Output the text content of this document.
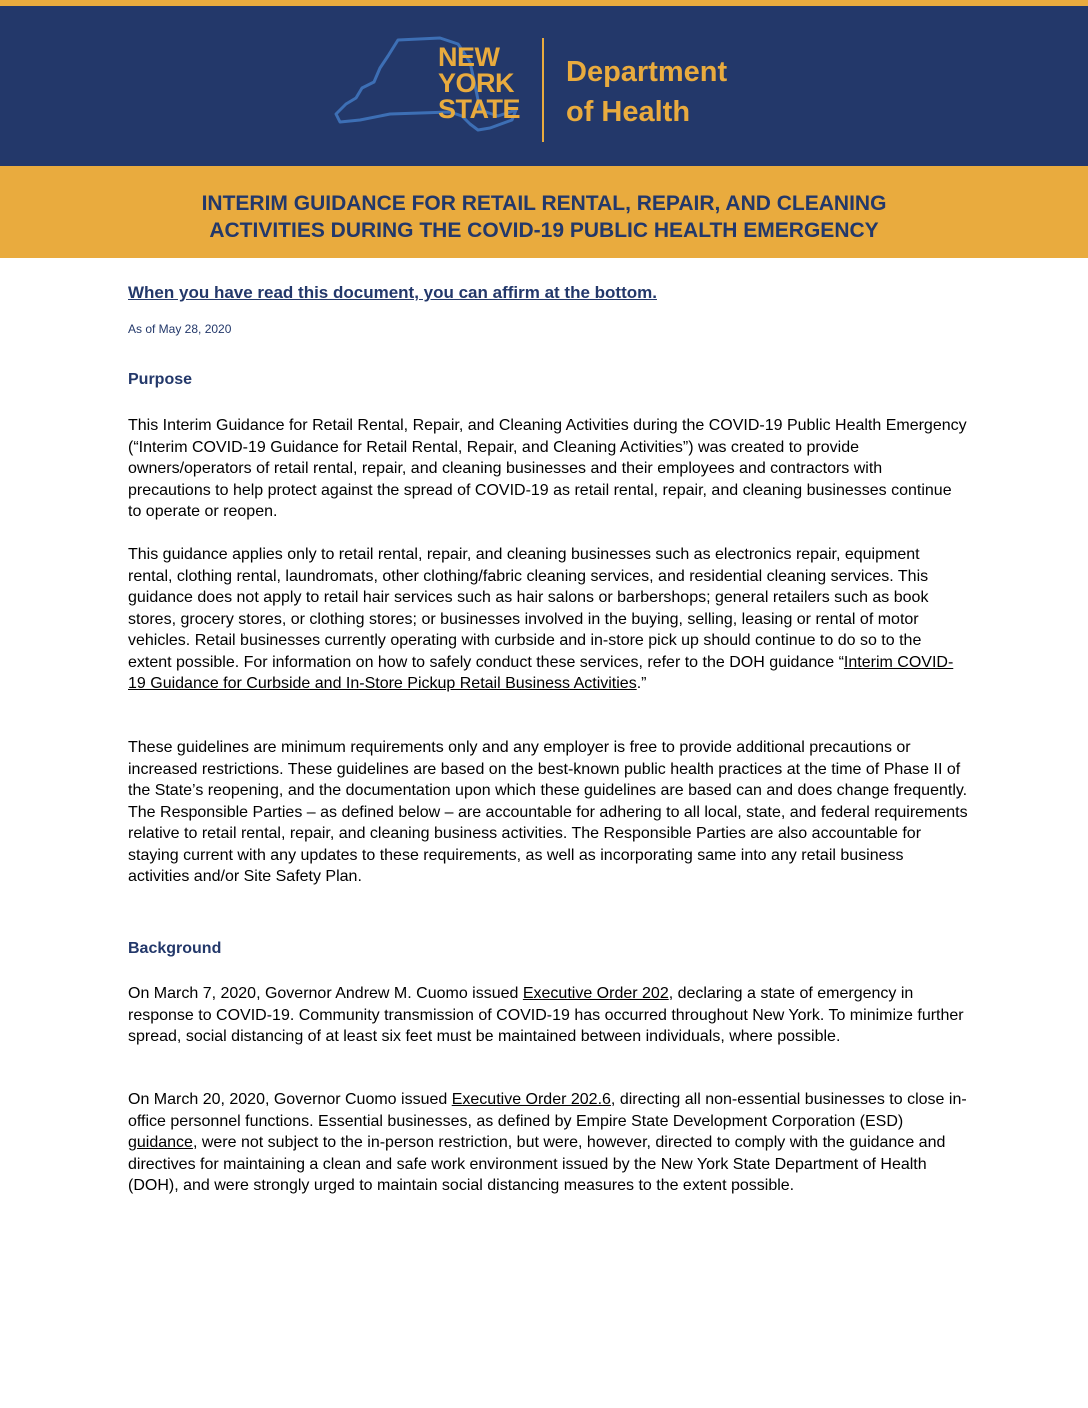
NEW
YORK
STATE
Department
of Health
INTERIM GUIDANCE FOR RETAIL RENTAL, REPAIR, AND CLEANING
ACTIVITIES DURING THE COVID-19 PUBLIC HEALTH EMERGENCY

When you have read this document, you can affirm at the bottom.

As of May 28, 2020

Purpose

This Interim Guidance for Retail Rental, Repair, and Cleaning Activities during the COVID-19 Public Health Emergency (“Interim COVID-19 Guidance for Retail Rental, Repair, and Cleaning Activities”) was created to provide owners/operators of retail rental, repair, and cleaning businesses and their employees and contractors with precautions to help protect against the spread of COVID-19 as retail rental, repair, and cleaning businesses continue to operate or reopen.

This guidance applies only to retail rental, repair, and cleaning businesses such as electronics repair, equipment rental, clothing rental, laundromats, other clothing/fabric cleaning services, and residential cleaning services. This guidance does not apply to retail hair services such as hair salons or barbershops; general retailers such as book stores, grocery stores, or clothing stores; or businesses involved in the buying, selling, leasing or rental of motor vehicles. Retail businesses currently operating with curbside and in-store pick up should continue to do so to the extent possible. For information on how to safely conduct these services, refer to the DOH guidance “Interim COVID-19 Guidance for Curbside and In-Store Pickup Retail Business Activities.”

These guidelines are minimum requirements only and any employer is free to provide additional precautions or increased restrictions. These guidelines are based on the best-known public health practices at the time of Phase II of the State’s reopening, and the documentation upon which these guidelines are based can and does change frequently. The Responsible Parties – as defined below – are accountable for adhering to all local, state, and federal requirements relative to retail rental, repair, and cleaning business activities. The Responsible Parties are also accountable for staying current with any updates to these requirements, as well as incorporating same into any retail business activities and/or Site Safety Plan.

Background

On March 7, 2020, Governor Andrew M. Cuomo issued Executive Order 202, declaring a state of emergency in response to COVID-19. Community transmission of COVID-19 has occurred throughout New York. To minimize further spread, social distancing of at least six feet must be maintained between individuals, where possible.

On March 20, 2020, Governor Cuomo issued Executive Order 202.6, directing all non-essential businesses to close in-office personnel functions. Essential businesses, as defined by Empire State Development Corporation (ESD) guidance, were not subject to the in-person restriction, but were, however, directed to comply with the guidance and directives for maintaining a clean and safe work environment issued by the New York State Department of Health (DOH), and were strongly urged to maintain social distancing measures to the extent possible.
